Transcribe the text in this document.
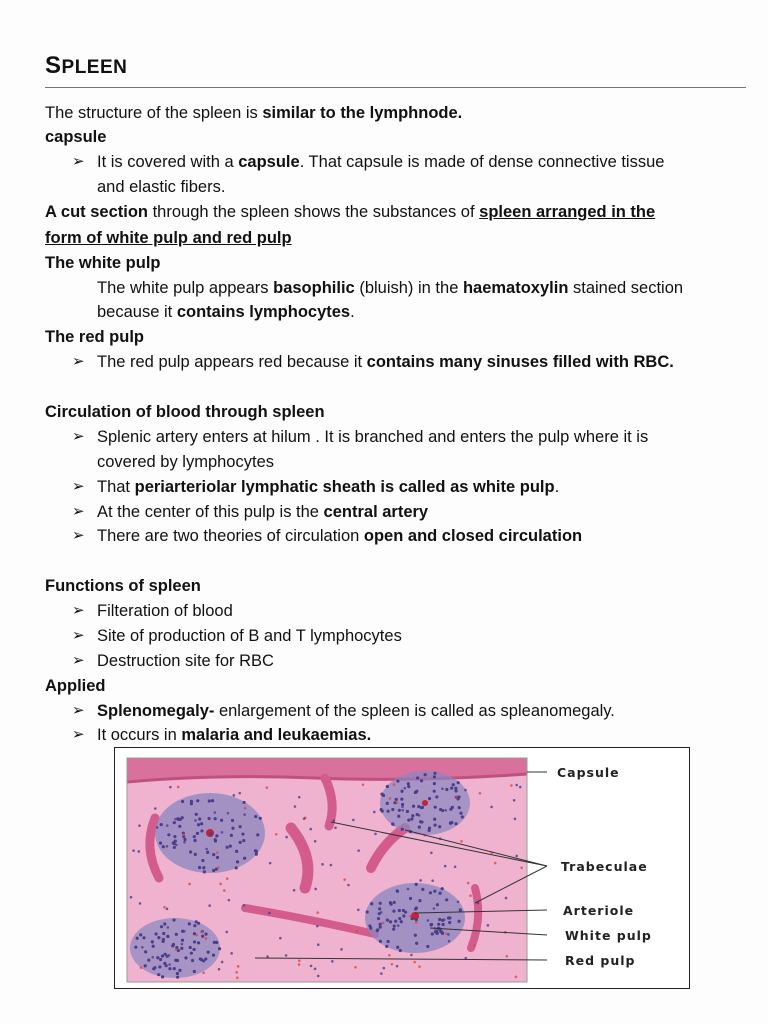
SPLEEN
The structure of the spleen is similar to the lymphnode.
capsule
➢ It is covered with a capsule. That capsule is made of dense connective tissue
and elastic fibers.
A cut section through the spleen shows the substances of spleen arranged in the
form of white pulp and red pulp
The white pulp
The white pulp appears basophilic (bluish) in the haematoxylin stained section
because it contains lymphocytes.
The red pulp
➢ The red pulp appears red because it contains many sinuses filled with RBC.
Circulation of blood through spleen
➢ Splenic artery enters at hilum . It is branched and enters the pulp where it is
covered by lymphocytes
➢ That periarteriolar lymphatic sheath is called as white pulp.
➢ At the center of this pulp is the central artery
➢ There are two theories of circulation open and closed circulation
Functions of spleen
➢ Filteration of blood
➢ Site of production of B and T lymphocytes
➢ Destruction site for RBC
Applied
➢ Splenomegaly- enlargement of the spleen is called as spleanomegaly.
➢ It occurs in malaria and leukaemias.
Capsule
Trabeculae
Arteriole
White pulp
Red pulp
